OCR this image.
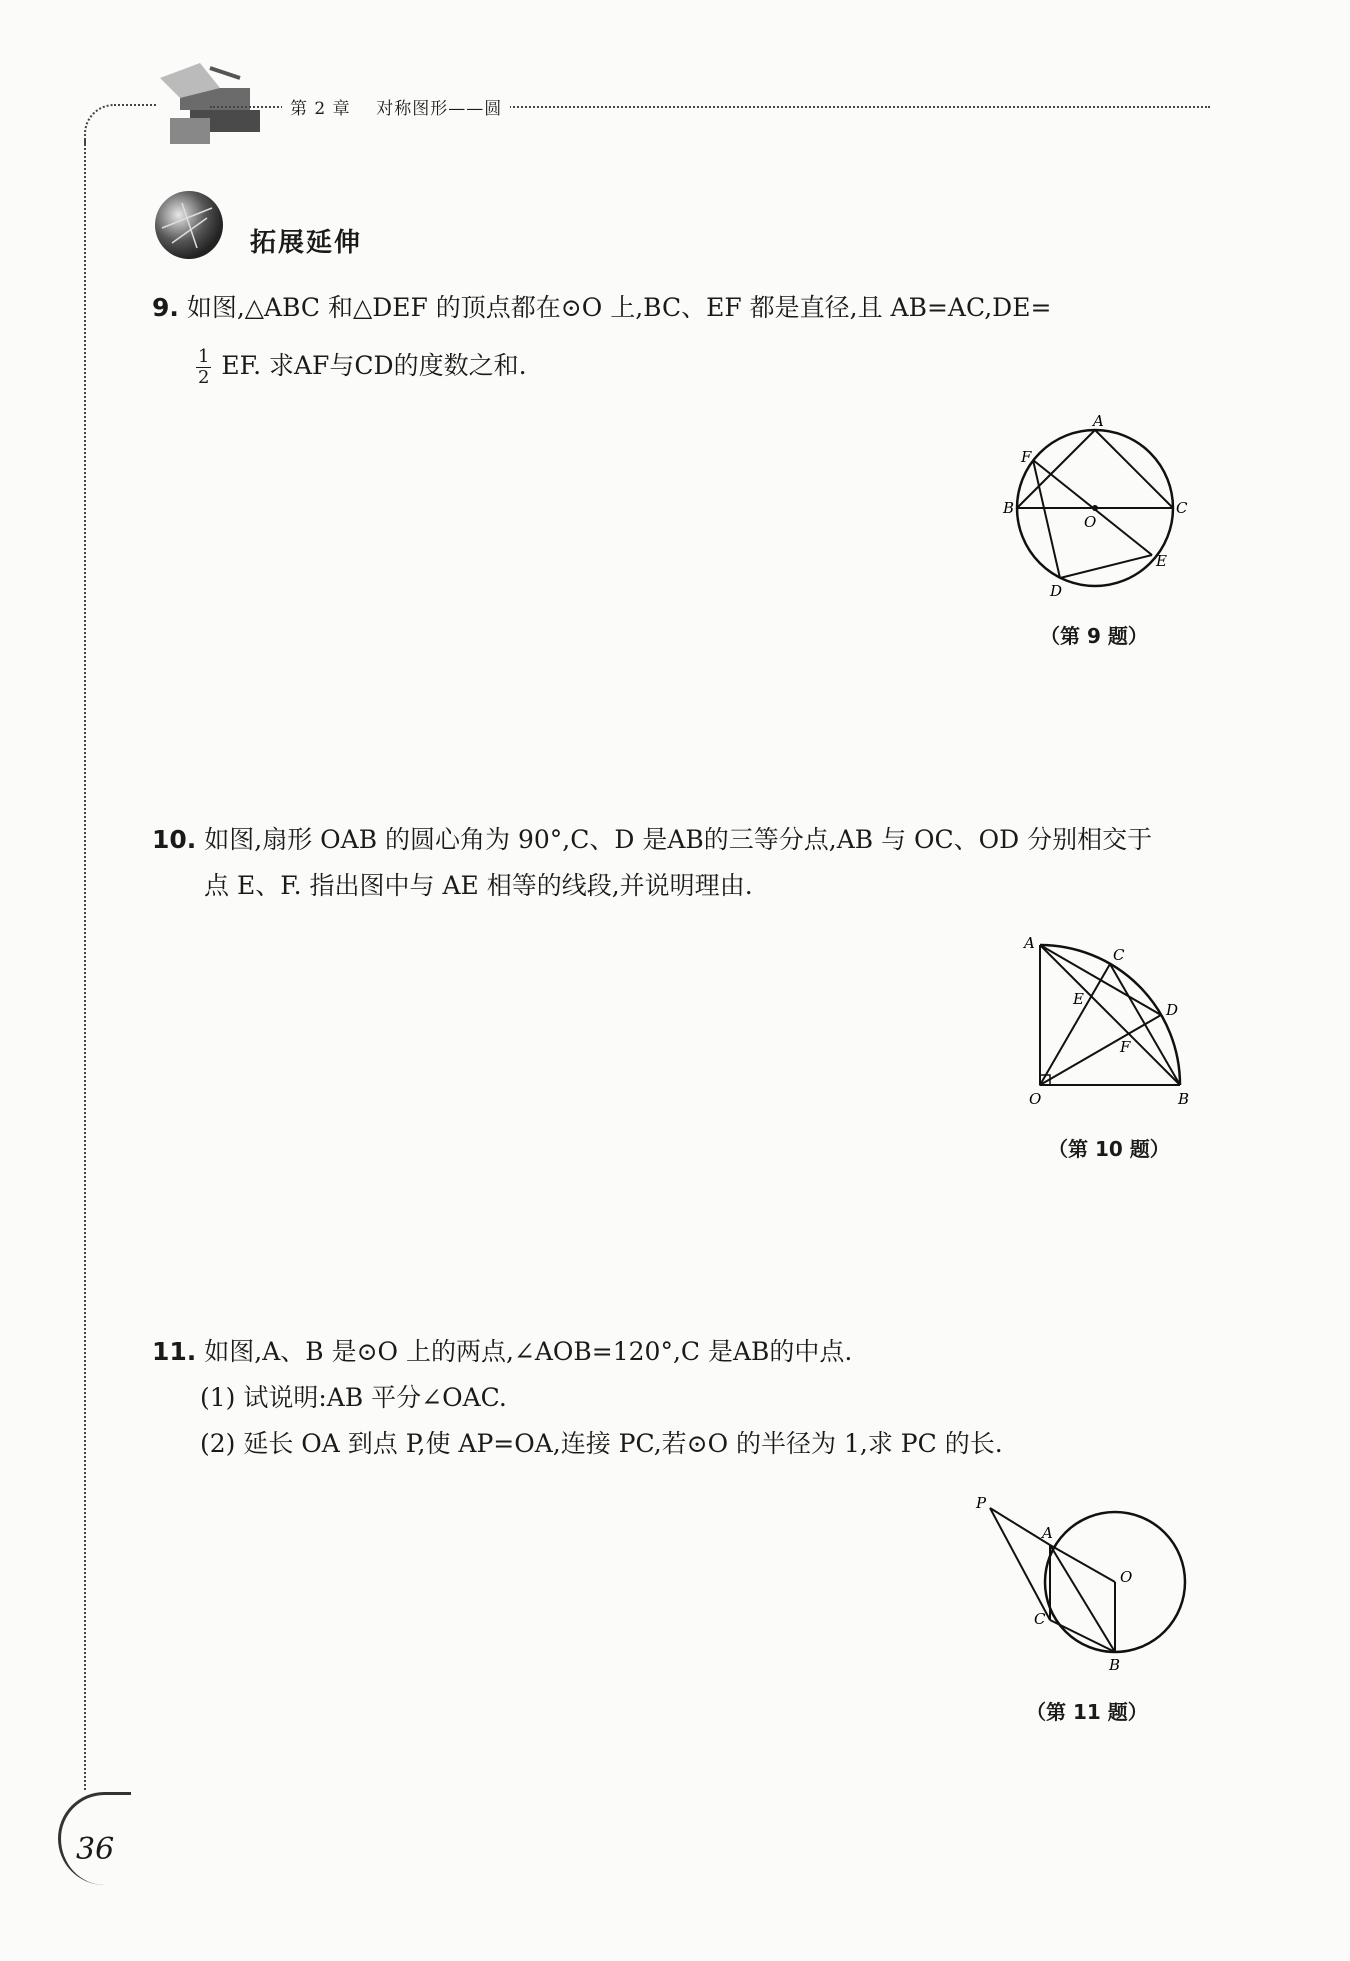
第 2 章 对称图形——圆
拓展延伸
9. 如图,△ABC 和△DEF 的顶点都在⊙O 上,BC、EF 都是直径,且 AB=AC,DE=
$\frac{1}{2}$ EF. 求AF与CD的度数之和.
A
B	C
D
E
F
O
（第 9 题）
10. 如图,扇形 OAB 的圆心角为 90°,C、D 是AB的三等分点,AB 与 OC、OD 分别相交于
点 E、F. 指出图中与 AE 相等的线段,并说明理由.
A
C
D
E
F
O	B
（第 10 题）
11. 如图,A、B 是⊙O 上的两点,∠AOB=120°,C 是AB的中点.
(1) 试说明:AB 平分∠OAC.
(2) 延长 OA 到点 P,使 AP=OA,连接 PC,若⊙O 的半径为 1,求 PC 的长.
P
A
O
C
B
（第 11 题）
36
